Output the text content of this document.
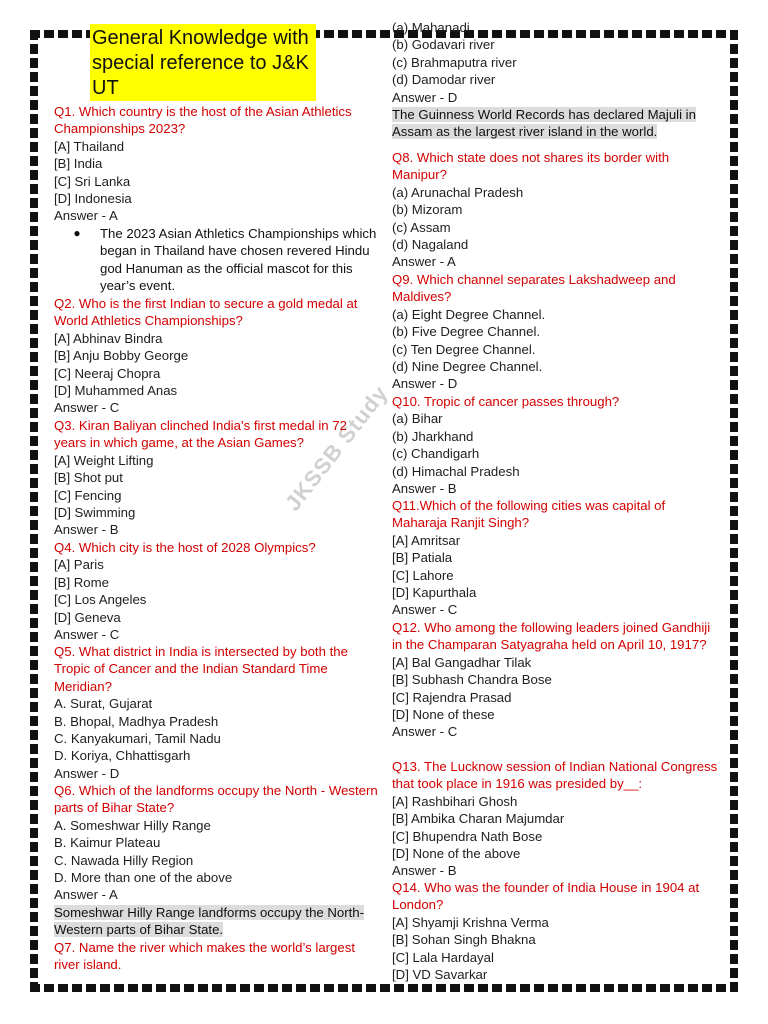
General Knowledge with
special reference to J&K
UT
JKSSB Study

Q1. Which country is the host of the Asian Athletics Championships 2023?

[A] Thailand

[B] India

[C] Sri Lanka

[D] Indonesia

Answer - A

●	The 2023 Asian Athletics Championships which began in Thailand have chosen revered Hindu god Hanuman as the official mascot for this year’s event.

Q2. Who is the first Indian to secure a gold medal at World Athletics Championships?

[A] Abhinav Bindra

[B] Anju Bobby George

[C] Neeraj Chopra

[D] Muhammed Anas

Answer - C

Q3. Kiran Baliyan clinched India’s first medal in 72 years in which game, at the Asian Games?

[A] Weight Lifting

[B] Shot put

[C] Fencing

[D] Swimming

Answer - B

Q4. Which city is the host of 2028 Olympics?

[A] Paris

[B] Rome

[C] Los Angeles

[D] Geneva

Answer - C

Q5. What district in India is intersected by both the Tropic of Cancer and the Indian Standard Time Meridian?

A. Surat, Gujarat

B. Bhopal, Madhya Pradesh

C. Kanyakumari, Tamil Nadu

D. Koriya, Chhattisgarh

Answer - D

Q6. Which of the landforms occupy the North - Western parts of Bihar State?

A. Someshwar Hilly Range

B. Kaimur Plateau

C. Nawada Hilly Region

D. More than one of the above

Answer - A

Someshwar Hilly Range landforms occupy the North-Western parts of Bihar State.

Q7. Name the river which makes the world’s largest river island.

(a) Mahanadi

(b) Godavari river

(c) Brahmaputra river

(d) Damodar river

Answer - D

The Guinness World Records has declared Majuli in Assam as the largest river island in the world.

Q8. Which state does not shares its border with Manipur?

(a) Arunachal Pradesh

(b) Mizoram

(c) Assam

(d) Nagaland

Answer - A

Q9. Which channel separates Lakshadweep and Maldives?

(a) Eight Degree Channel.

(b) Five Degree Channel.

(c) Ten Degree Channel.

(d) Nine Degree Channel.

Answer - D

Q10. Tropic of cancer passes through?

(a) Bihar

(b) Jharkhand

(c) Chandigarh

(d) Himachal Pradesh

Answer - B

Q11.Which of the following cities was capital of Maharaja Ranjit Singh?

[A] Amritsar

[B] Patiala

[C] Lahore

[D] Kapurthala

Answer - C

Q12. Who among the following leaders joined Gandhiji in the Champaran Satyagraha held on April 10, 1917?

[A] Bal Gangadhar Tilak

[B] Subhash Chandra Bose

[C] Rajendra Prasad

[D] None of these

Answer - C

Q13. The Lucknow session of Indian National Congress that took place in 1916 was presided by__:

[A] Rashbihari Ghosh

[B] Ambika Charan Majumdar

[C] Bhupendra Nath Bose

[D] None of the above

Answer - B

Q14. Who was the founder of India House in 1904 at London?

[A] Shyamji Krishna Verma

[B] Sohan Singh Bhakna

[C] Lala Hardayal

[D] VD Savarkar
